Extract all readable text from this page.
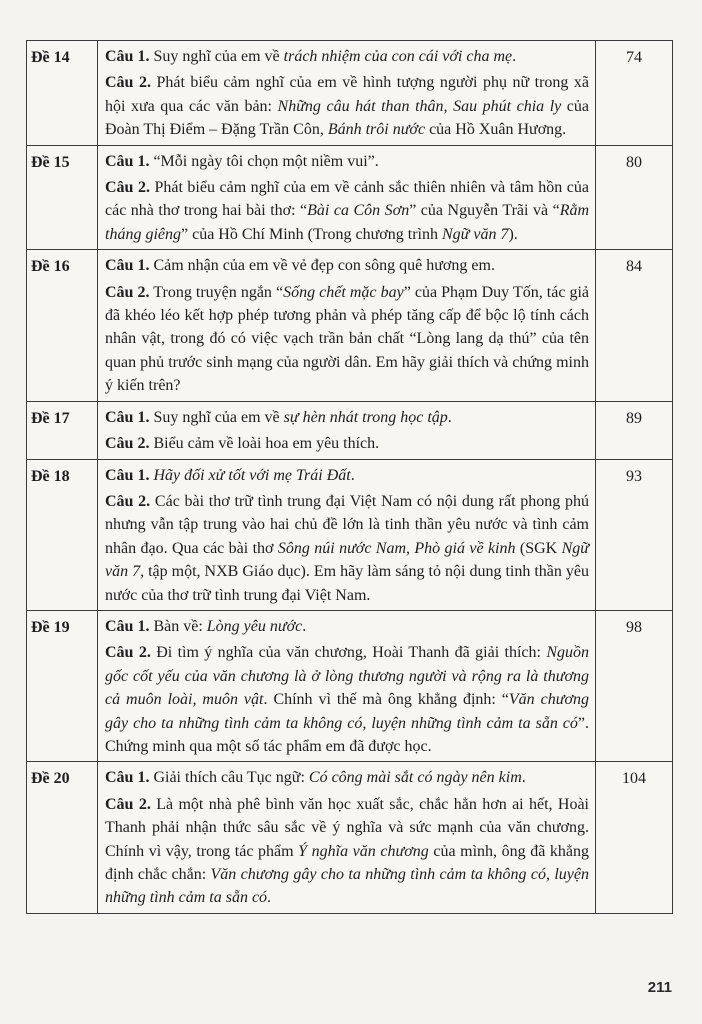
Đề 14	Câu 1. Suy nghĩ của em về trách nhiệm của con cái với cha mẹ.
Câu 2. Phát biểu cảm nghĩ của em về hình tượng người phụ nữ trong xã hội xưa qua các văn bản: Những câu hát than thân, Sau phút chia ly của Đoàn Thị Điểm – Đặng Trần Côn, Bánh trôi nước của Hồ Xuân Hương.	74
Đề 15	Câu 1. “Mỗi ngày tôi chọn một niềm vui”.
Câu 2. Phát biểu cảm nghĩ của em về cảnh sắc thiên nhiên và tâm hồn của các nhà thơ trong hai bài thơ: “Bài ca Côn Sơn” của Nguyễn Trãi và “Rằm tháng giêng” của Hồ Chí Minh (Trong chương trình Ngữ văn 7).	80
Đề 16	Câu 1. Cảm nhận của em về vẻ đẹp con sông quê hương em.
Câu 2. Trong truyện ngắn “Sống chết mặc bay” của Phạm Duy Tốn, tác giả đã khéo léo kết hợp phép tương phản và phép tăng cấp để bộc lộ tính cách nhân vật, trong đó có việc vạch trần bản chất “Lòng lang dạ thú” của tên quan phủ trước sinh mạng của người dân. Em hãy giải thích và chứng minh ý kiến trên?	84
Đề 17	Câu 1. Suy nghĩ của em về sự hèn nhát trong học tập.
Câu 2. Biểu cảm về loài hoa em yêu thích.	89
Đề 18	Câu 1. Hãy đối xử tốt với mẹ Trái Đất.
Câu 2. Các bài thơ trữ tình trung đại Việt Nam có nội dung rất phong phú nhưng vẫn tập trung vào hai chủ đề lớn là tinh thần yêu nước và tình cảm nhân đạo. Qua các bài thơ Sông núi nước Nam, Phò giá về kinh (SGK Ngữ văn 7, tập một, NXB Giáo dục). Em hãy làm sáng tỏ nội dung tinh thần yêu nước của thơ trữ tình trung đại Việt Nam.	93
Đề 19	Câu 1. Bàn về: Lòng yêu nước.
Câu 2. Đi tìm ý nghĩa của văn chương, Hoài Thanh đã giải thích: Nguồn gốc cốt yếu của văn chương là ở lòng thương người và rộng ra là thương cả muôn loài, muôn vật. Chính vì thế mà ông khẳng định: “Văn chương gây cho ta những tình cảm ta không có, luyện những tình cảm ta sẵn có”. Chứng minh qua một số tác phẩm em đã được học.	98
Đề 20	Câu 1. Giải thích câu Tục ngữ: Có công mài sắt có ngày nên kim.
Câu 2. Là một nhà phê bình văn học xuất sắc, chắc hẳn hơn ai hết, Hoài Thanh phải nhận thức sâu sắc về ý nghĩa và sức mạnh của văn chương. Chính vì vậy, trong tác phẩm Ý nghĩa văn chương của mình, ông đã khẳng định chắc chắn: Văn chương gây cho ta những tình cảm ta không có, luyện những tình cảm ta sẵn có.	104
211
